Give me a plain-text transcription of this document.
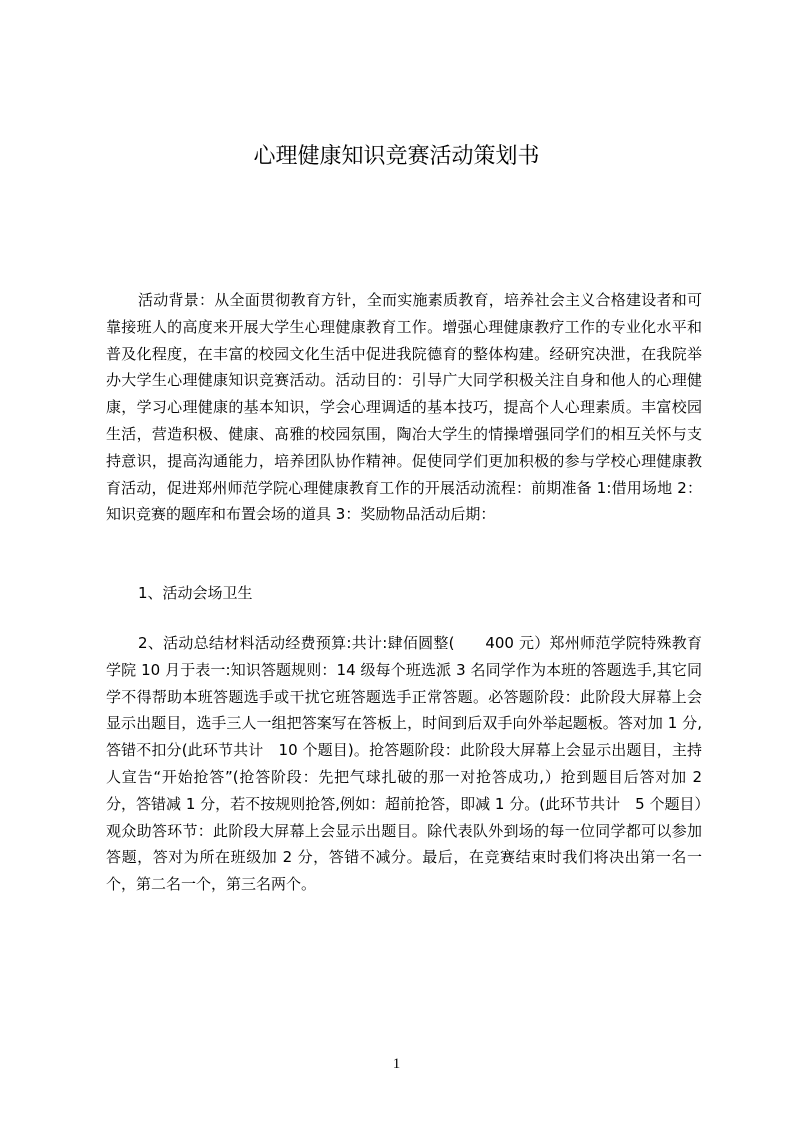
心理健康知识竞赛活动策划书

活动背景：从全面贯彻教育方针，全而实施素质教育，培养社会主义合格建设者和可靠接班人的高度来开展大学生心理健康教育工作。增强心理健康教疗工作的专业化水平和普及化程度，在丰富的校园文化生活中促进我院德育的整体构建。经研究决泄，在我院举办大学生心理健康知识竞赛活动。活动目的：引导广大同学积极关注自身和他人的心理健康，学习心理健康的基本知识，学会心理调适的基本技巧，提高个人心理素质。丰富校园生活，营造积极、健康、髙雅的校园氛围，陶冶大学生的情操增强同学们的相互关怀与支持意识，提高沟通能力，培养团队协作精神。促使同学们更加积极的参与学校心理健康教育活动，促进郑州师范学院心理健康教育工作的开展活动流程：前期准备 1:借用场地 2：知识竞赛的题库和布置会场的道具 3：奖励物品活动后期：

1、活动会场卫生

2、活动总结材料活动经费预算:共计:肆佰圆整(　　400 元）郑州师范学院特殊教育学院 10 月于表一:知识答题规则：14 级每个班选派 3 名同学作为本班的答题选手,其它同学不得帮助本班答题选手或干扰它班答题选手正常答题。必答题阶段：此阶段大屏幕上会显示出题目，选手三人一组把答案写在答板上，时间到后双手向外举起题板。答对加 1 分,答错不扣分(此环节共计　10 个题目)。抢答题阶段：此阶段大屏幕上会显示出题目，主持人宣告“开始抢答”(抢答阶段：先把气球扎破的那一对抢答成功,）抢到题目后答对加 2 分，答错减 1 分，若不按规则抢答,例如：超前抢答，即减 1 分。(此环节共计　5 个题目）观众助答环节：此阶段大屏幕上会显示出题目。除代表队外到场的每一位同学都可以参加答题，答对为所在班级加 2 分，答错不减分。最后，在竞赛结束时我们将决出第一名一个，第二名一个，第三名两个。

1
